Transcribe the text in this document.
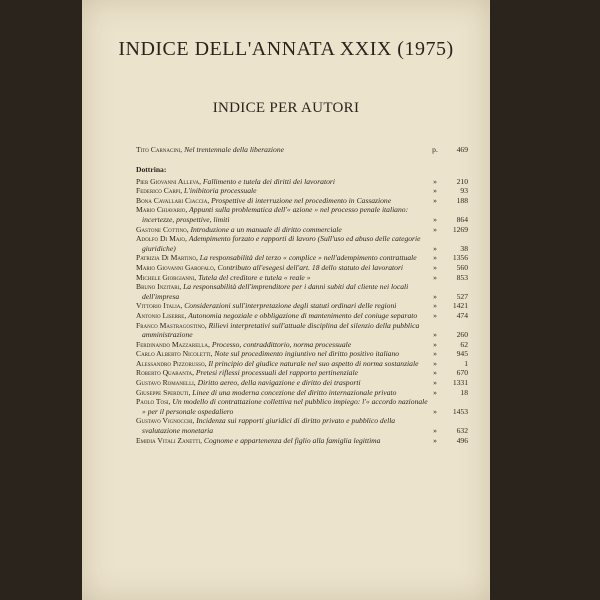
INDICE DELL'ANNATA XXIX (1975)
INDICE PER AUTORI
Tito Carnacini, Nel trentennale della liberazione	p.	469
Dottrina:
Pier Giovanni Alleva, Fallimento e tutela dei diritti dei lavoratori	»	210
Federico Carpi, L'inibitoria processuale	»	93
Bona Cavallari Ciaccia, Prospettive di interruzione nel procedimento in Cassazione	»	188
Mario Chiavario, Appunti sulla problematica dell'« azione » nel processo penale italiano: incertezze, prospettive, limiti	»	864
Gastone Cottino, Introduzione a un manuale di diritto commerciale	»	1269
Adolfo Di Majo, Adempimento forzato e rapporti di lavoro (Sull'uso ed abuso delle categorie giuridiche)	»	38
Patrizia Di Martino, La responsabilità del terzo « complice » nell'adempimento contrattuale	»	1356
Mario Giovanni Garofalo, Contributo all'esegesi dell'art. 18 dello statuto dei lavoratori	»	560
Michele Giorgianni, Tutela del creditore e tutela « reale »	»	853
Bruno Inzitari, La responsabilità dell'imprenditore per i danni subiti dal cliente nei locali dell'impresa	»	527
Vittorio Italia, Considerazioni sull'interpretazione degli statuti ordinari delle regioni	»	1421
Antonio Liserre, Autonomia negoziale e obbligazione di mantenimento del coniuge separato	»	474
Franco Mastragostino, Rilievi interpretativi sull'attuale disciplina del silenzio della pubblica amministrazione	»	260
Ferdinando Mazzarella, Processo, contraddittorio, norma processuale	»	62
Carlo Alberto Nicoletti, Note sul procedimento ingiuntivo nel diritto positivo italiano	»	945
Alessandro Pizzorusso, Il principio del giudice naturale nel suo aspetto di norma sostanziale	»	1
Roberto Quaranta, Pretesi riflessi processuali del rapporto pertinenziale	»	670
Gustavo Romanelli, Diritto aereo, della navigazione e diritto dei trasporti	»	1331
Giuseppe Sperduti, Linee di una moderna concezione del diritto internazionale privato	»	18
Paolo Tosi, Un modello di contrattazione collettiva nel pubblico impiego: l'« accordo nazionale » per il personale ospedaliero	»	1453
Gustavo Vignocchi, Incidenza sui rapporti giuridici di diritto privato e pubblico della svalutazione monetaria	»	632
Emidia Vitali Zanetti, Cognome e appartenenza del figlio alla famiglia legittima	»	496
